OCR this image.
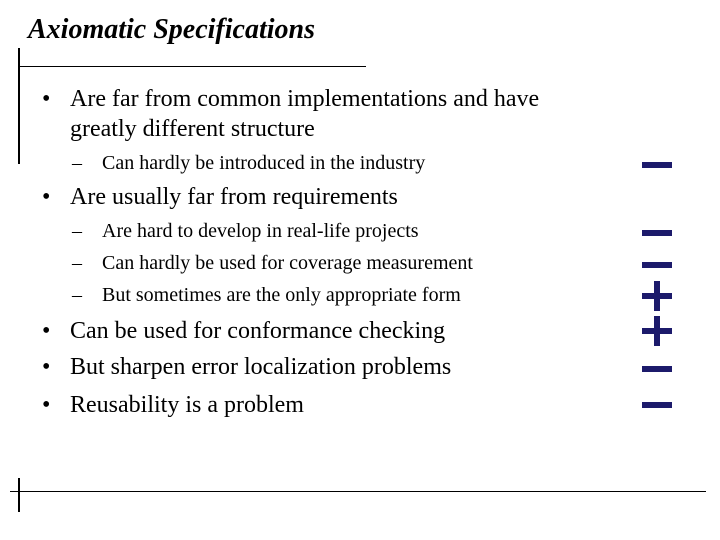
Axiomatic Specifications
• Are far from common implementations and have
greatly different structure
– Can hardly be introduced in the industry
• Are usually far from requirements
– Are hard to develop in real-life projects
– Can hardly be used for coverage measurement
– But sometimes are the only appropriate form
• Can be used for conformance checking
• But sharpen error localization problems
• Reusability is a problem
